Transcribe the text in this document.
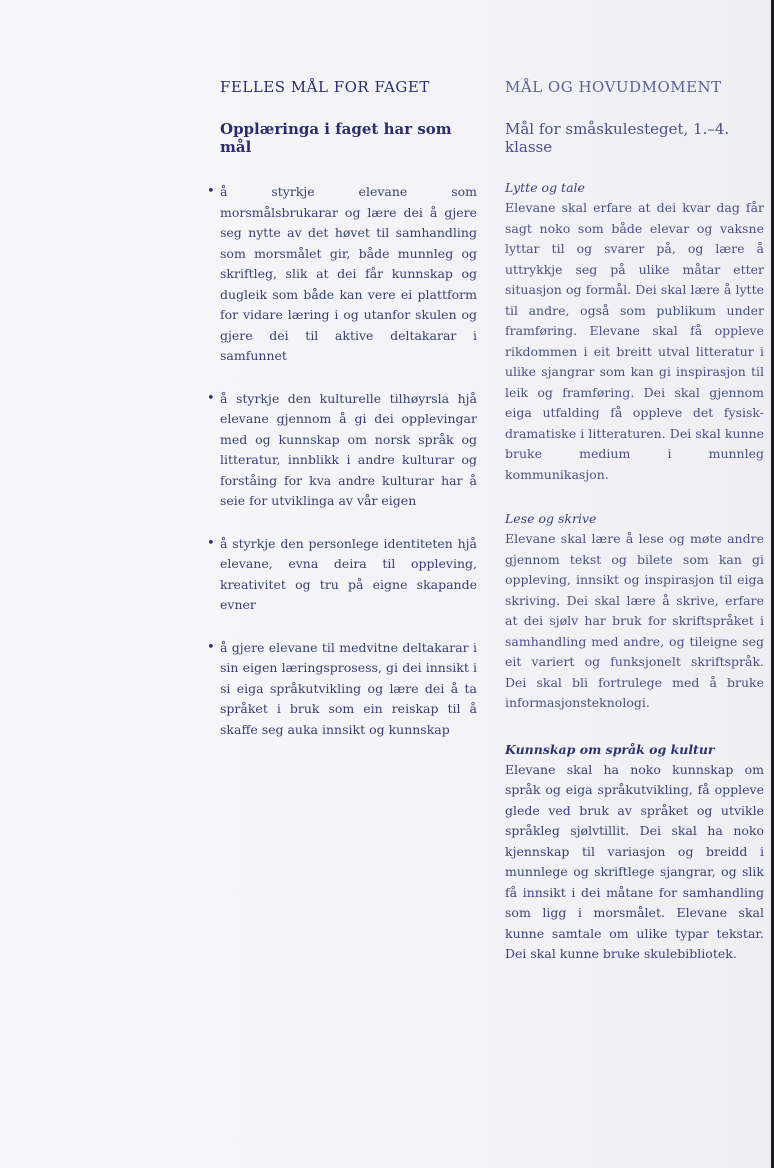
FELLES MÅL FOR FAGET
Opplæringa i faget har som mål
• å styrkje elevane som morsmålsbrukarar og lære dei å gjere seg nytte av det høvet til samhandling som morsmålet gir, både munnleg og skriftleg, slik at dei får kunnskap og dugleik som både kan vere ei plattform for vidare læring i og utanfor skulen og gjere dei til aktive deltakarar i samfunnet
• å styrkje den kulturelle tilhøyrsla hjå elevane gjennom å gi dei opplevingar med og kunnskap om norsk språk og litteratur, innblikk i andre kulturar og forståing for kva andre kulturar har å seie for utviklinga av vår eigen
• å styrkje den personlege identiteten hjå elevane, evna deira til oppleving, kreativitet og tru på eigne skapande evner
• å gjere elevane til medvitne deltakarar i sin eigen læringsprosess, gi dei innsikt i si eiga språkutvikling og lære dei å ta språket i bruk som ein reiskap til å skaffe seg auka innsikt og kunnskap
MÅL OG HOVUDMOMENT
Mål for småskulesteget, 1.–4. klasse

Lytte og tale

Elevane skal erfare at dei kvar dag får sagt noko som både elevar og vaksne lyttar til og svarer på, og lære å uttrykkje seg på ulike måtar etter situasjon og formål. Dei skal lære å lytte til andre, også som publikum under framføring. Elevane skal få oppleve rikdommen i eit breitt utval litteratur i ulike sjangrar som kan gi inspirasjon til leik og framføring. Dei skal gjennom eiga utfalding få oppleve det fysisk-dramatiske i litteraturen. Dei skal kunne bruke medium i munnleg kommunikasjon.

Lese og skrive

Elevane skal lære å lese og møte andre gjennom tekst og bilete som kan gi oppleving, innsikt og inspirasjon til eiga skriving. Dei skal lære å skrive, erfare at dei sjølv har bruk for skriftspråket i samhandling med andre, og tileigne seg eit variert og funksjonelt skriftspråk. Dei skal bli fortrulege med å bruke informasjonsteknologi.

Kunnskap om språk og kultur

Elevane skal ha noko kunnskap om språk og eiga språkutvikling, få oppleve glede ved bruk av språket og utvikle språkleg sjølvtillit. Dei skal ha noko kjennskap til variasjon og breidd i munnlege og skriftlege sjangrar, og slik få innsikt i dei måtane for samhandling som ligg i morsmålet. Elevane skal kunne samtale om ulike typar tekstar. Dei skal kunne bruke skulebibliotek.
